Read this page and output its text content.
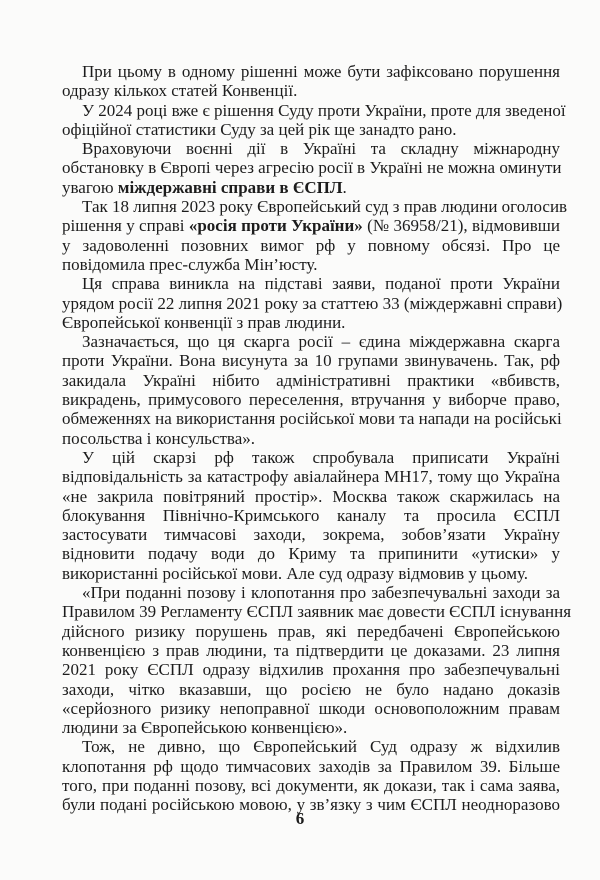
При цьому в одному рішенні може бути зафіксовано порушення
одразу кількох статей Конвенції.
У 2024 році вже є рішення Суду проти України, проте для зведеної
офіційної статистики Суду за цей рік ще занадто рано.
Враховуючи воєнні дії в Україні та складну міжнародну
обстановку в Європі через агресію росії в Україні не можна оминути
увагою міждержавні справи в ЄСПЛ.
Так 18 липня 2023 року Європейський суд з прав людини оголосив
рішення у справі «росія проти України» (№ 36958/21), відмовивши
у задоволенні позовних вимог рф у повному обсязі. Про це
повідомила прес-служба Мін’юсту.
Ця справа виникла на підставі заяви, поданої проти України
урядом росії 22 липня 2021 року за статтею 33 (міждержавні справи)
Європейської конвенції з прав людини.
Зазначається, що ця скарга росії – єдина міждержавна скарга
проти України. Вона висунута за 10 групами звинувачень. Так, рф
закидала Україні нібито адміністративні практики «вбивств,
викрадень, примусового переселення, втручання у виборче право,
обмеженнях на використання російської мови та напади на російські
посольства і консульства».
У цій скарзі рф також спробувала приписати Україні
відповідальність за катастрофу авіалайнера MH17, тому що Україна
«не закрила повітряний простір». Москва також скаржилась на
блокування Північно-Кримського каналу та просила ЄСПЛ
застосувати тимчасові заходи, зокрема, зобов’язати Україну
відновити подачу води до Криму та припинити «утиски» у
використанні російської мови. Але суд одразу відмовив у цьому.
«При поданні позову і клопотання про забезпечувальні заходи за
Правилом 39 Регламенту ЄСПЛ заявник має довести ЄСПЛ існування
дійсного ризику порушень прав, які передбачені Європейською
конвенцією з прав людини, та підтвердити це доказами. 23 липня
2021 року ЄСПЛ одразу відхилив прохання про забезпечувальні
заходи, чітко вказавши, що росією не було надано доказів
«серйозного ризику непоправної шкоди основоположним правам
людини за Європейською конвенцією».
Тож, не дивно, що Європейський Суд одразу ж відхилив
клопотання рф щодо тимчасових заходів за Правилом 39. Більше
того, при поданні позову, всі документи, як докази, так і сама заява,
були подані російською мовою, у зв’язку з чим ЄСПЛ неодноразово
6
